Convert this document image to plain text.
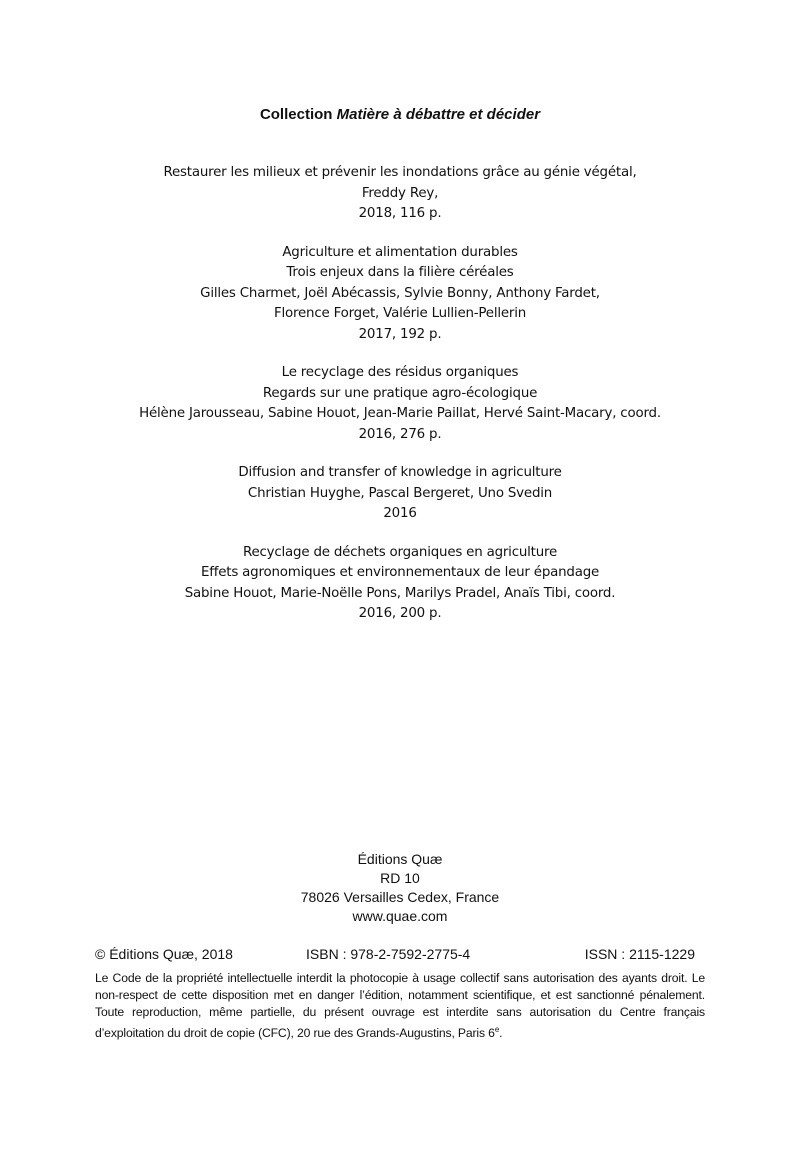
Collection Matière à débattre et décider
Restaurer les milieux et prévenir les inondations grâce au génie végétal,
Freddy Rey,
2018, 116 p.
Agriculture et alimentation durables
Trois enjeux dans la filière céréales
Gilles Charmet, Joël Abécassis, Sylvie Bonny, Anthony Fardet,
Florence Forget, Valérie Lullien-Pellerin
2017, 192 p.
Le recyclage des résidus organiques
Regards sur une pratique agro-écologique
Hélène Jarousseau, Sabine Houot, Jean-Marie Paillat, Hervé Saint-Macary, coord.
2016, 276 p.
Diffusion and transfer of knowledge in agriculture
Christian Huyghe, Pascal Bergeret, Uno Svedin
2016
Recyclage de déchets organiques en agriculture
Effets agronomiques et environnementaux de leur épandage
Sabine Houot, Marie-Noëlle Pons, Marilys Pradel, Anaïs Tibi, coord.
2016, 200 p.
Éditions Quæ
RD 10
78026 Versailles Cedex, France
www.quae.com
© Éditions Quæ, 2018	ISBN : 978-2-7592-2775-4	ISSN : 2115-1229
Le Code de la propriété intellectuelle interdit la photocopie à usage collectif sans autorisation des ayants droit. Le non-respect de cette disposition met en danger l’édition, notamment scientifique, et est sanctionné pénalement. Toute reproduction, même partielle, du présent ouvrage est interdite sans autorisation du Centre français d’exploitation du droit de copie (CFC), 20 rue des Grands-Augustins, Paris 6e.
